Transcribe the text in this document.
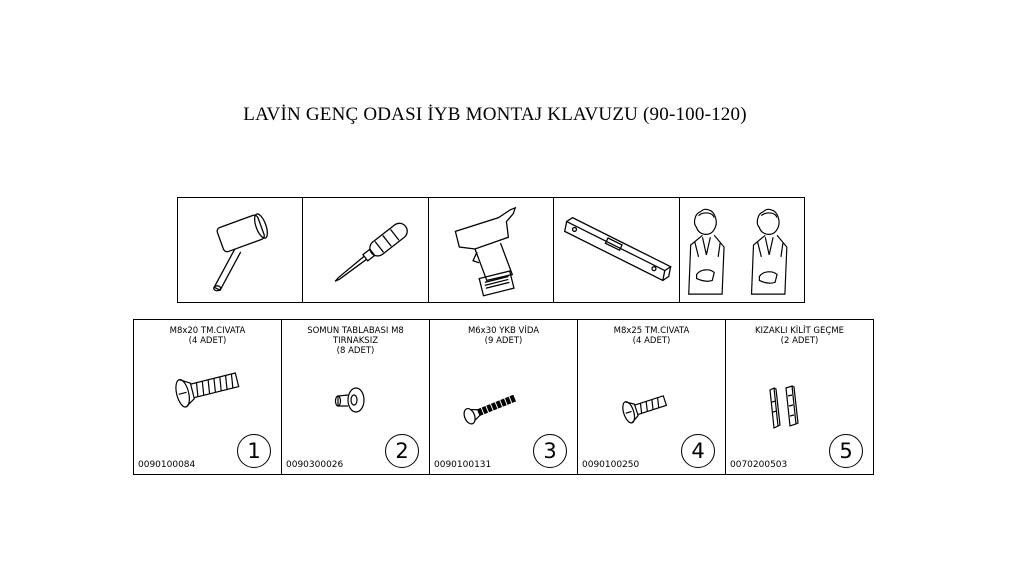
LAVİN GENÇ ODASI İYB MONTAJ KLAVUZU (90-100-120)
M8x20 TM.CIVATA
(4 ADET)
0090100084
1
SOMUN TABLABASI M8
TIRNAKSIZ
(8 ADET)
0090300026
2
M6x30 YKB VİDA
(9 ADET)
0090100131
3
M8x25 TM.CIVATA
(4 ADET)
0090100250
4
KIZAKLI KİLİT GEÇME
(2 ADET)
0070200503
5
